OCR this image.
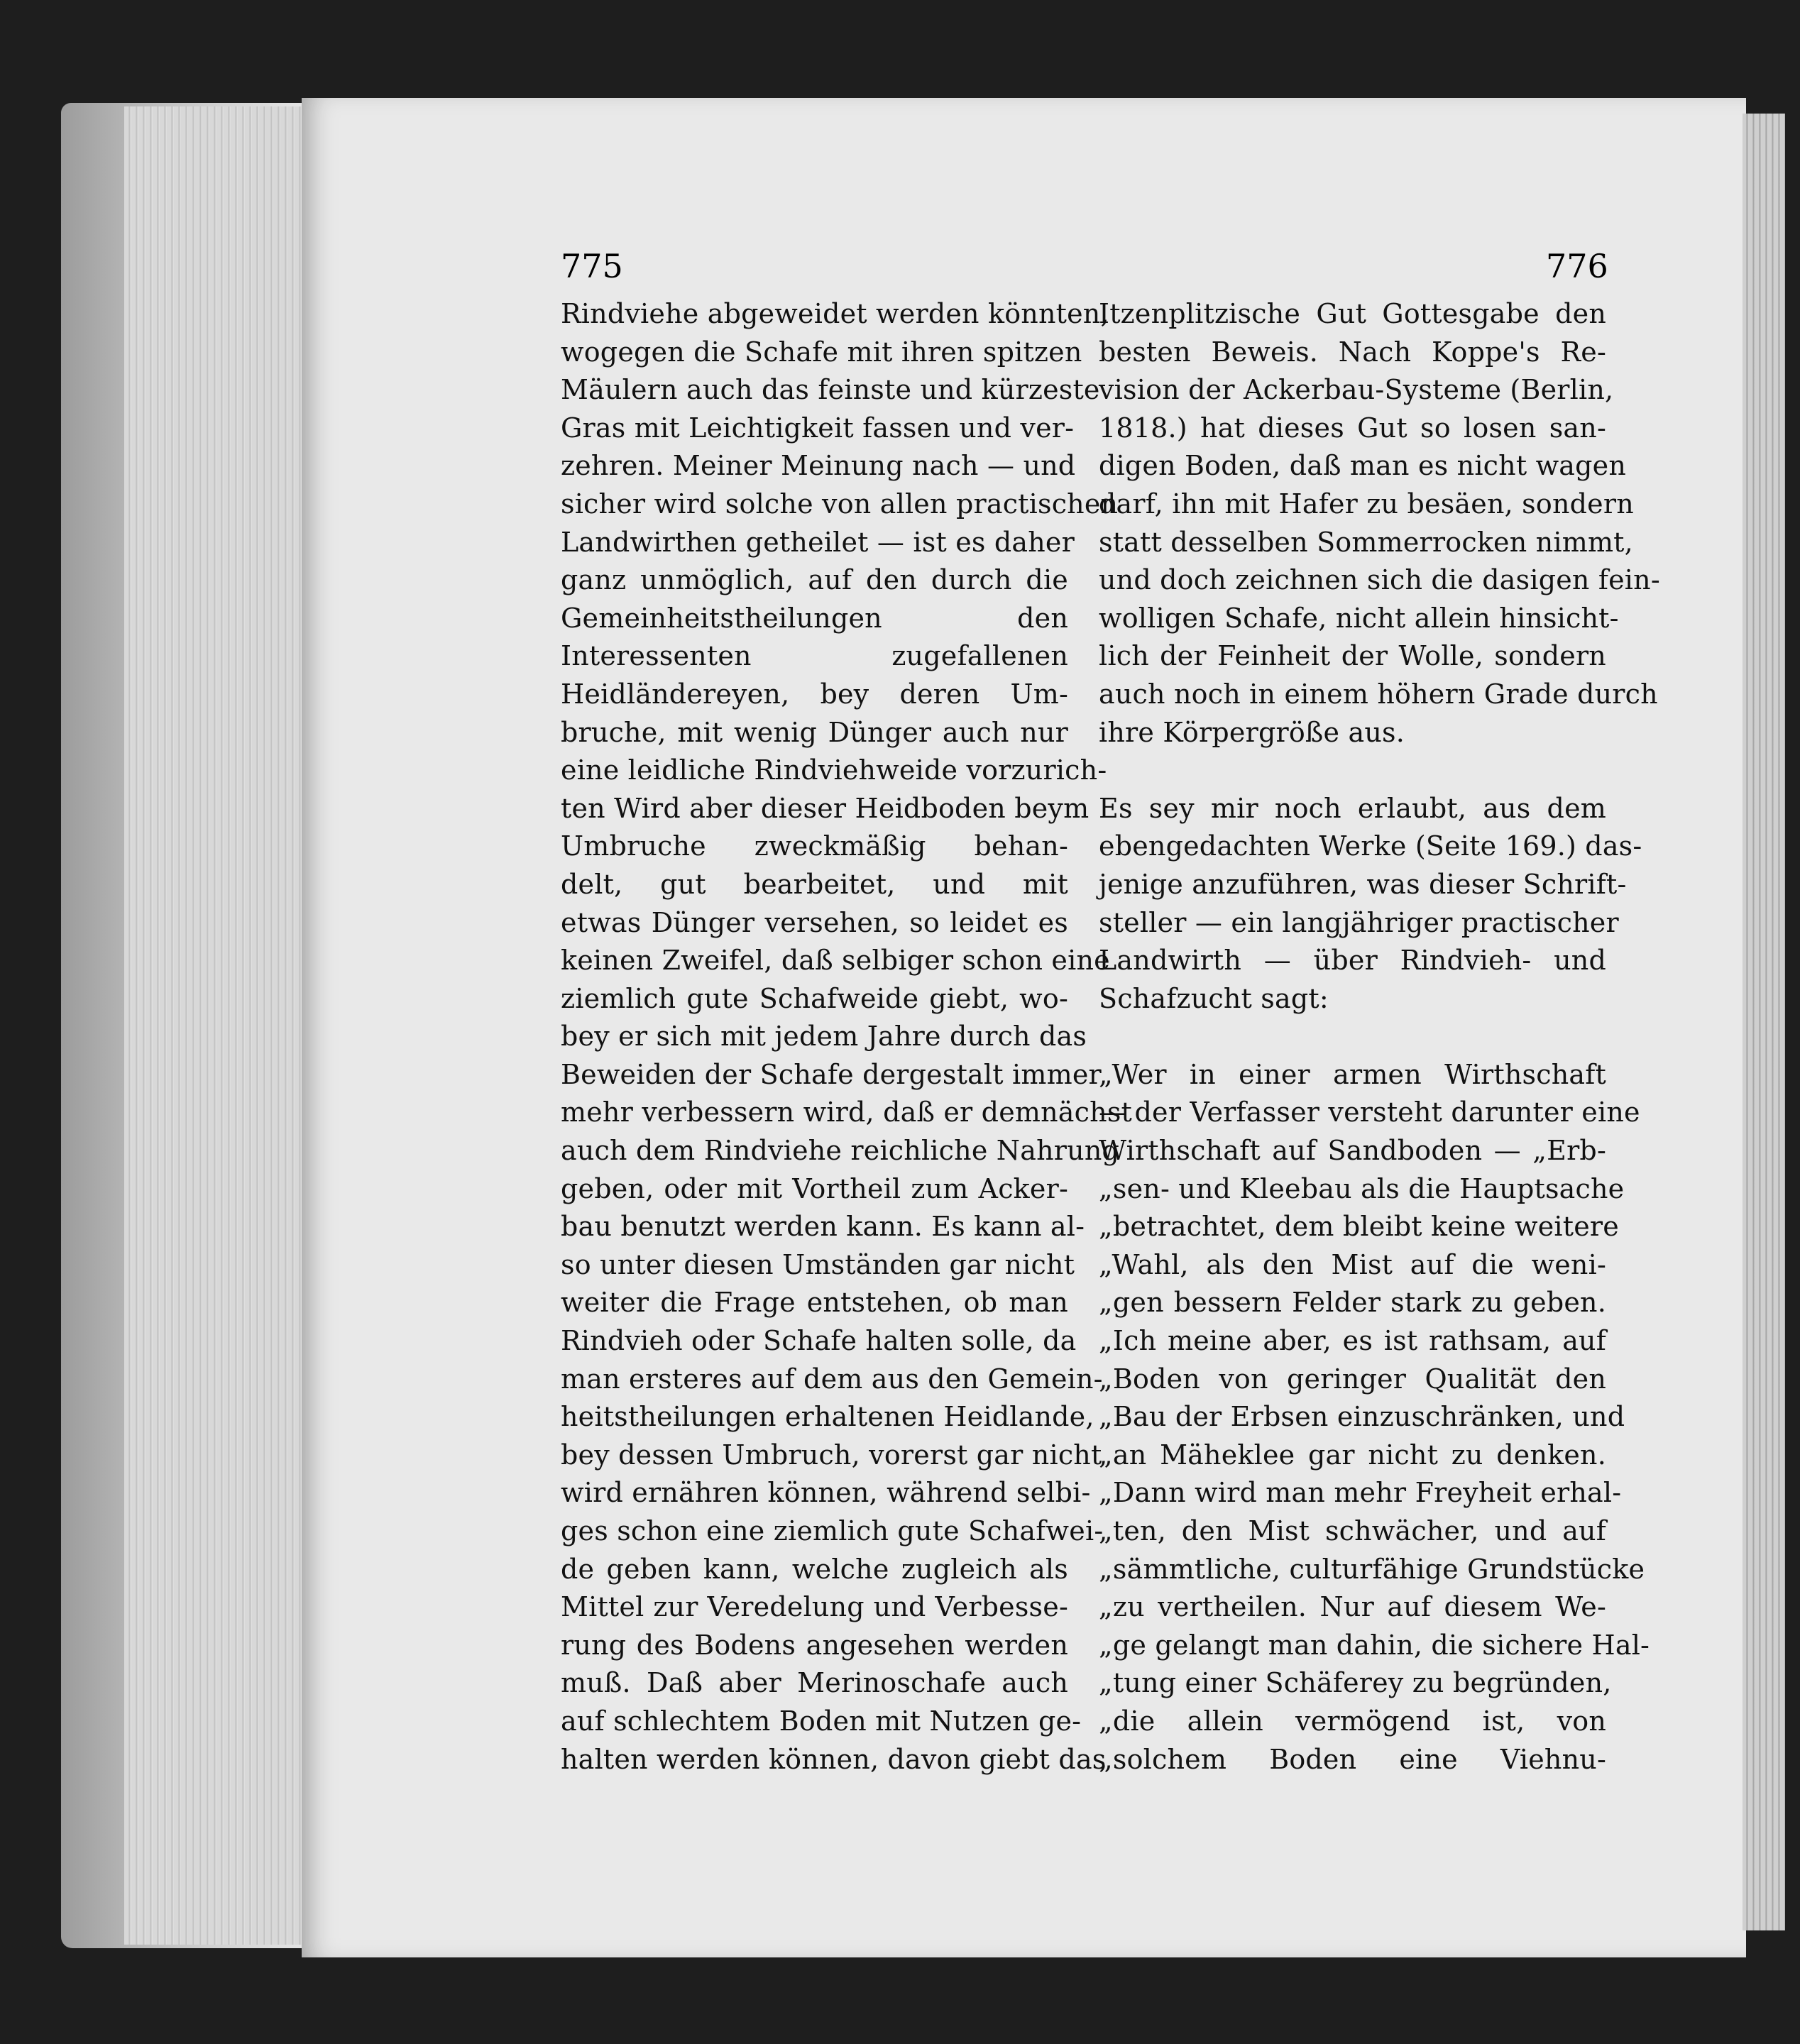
775	776
Rindviehe abgeweidet werden könnten,
wogegen die Schafe mit ihren spitzen
Mäulern auch das feinste und kürzeste
Gras mit Leichtigkeit fassen und ver-
zehren. Meiner Meinung nach — und
sicher wird solche von allen practischen
Landwirthen getheilet — ist es daher
ganz unmöglich, auf den durch die
Gemeinheitstheilungen den
Interessenten zugefallenen
Heidländereyen, bey deren Um-
bruche, mit wenig Dünger auch nur
eine leidliche Rindviehweide vorzurich-
ten Wird aber dieser Heidboden beym
Umbruche zweckmäßig behan-
delt, gut bearbeitet, und mit
etwas Dünger versehen, so leidet es
keinen Zweifel, daß selbiger schon eine
ziemlich gute Schafweide giebt, wo-
bey er sich mit jedem Jahre durch das
Beweiden der Schafe dergestalt immer
mehr verbessern wird, daß er demnächst
auch dem Rindviehe reichliche Nahrung
geben, oder mit Vortheil zum Acker-
bau benutzt werden kann. Es kann al-
so unter diesen Umständen gar nicht
weiter die Frage entstehen, ob man
Rindvieh oder Schafe halten solle, da
man ersteres auf dem aus den Gemein-
heitstheilungen erhaltenen Heidlande,
bey dessen Umbruch, vorerst gar nicht
wird ernähren können, während selbi-
ges schon eine ziemlich gute Schafwei-
de geben kann, welche zugleich als
Mittel zur Veredelung und Verbesse-
rung des Bodens angesehen werden
muß. Daß aber Merinoschafe auch
auf schlechtem Boden mit Nutzen ge-
halten werden können, davon giebt das
Itzenplitzische Gut Gottesgabe den
besten Beweis. Nach Koppe's Re-
vision der Ackerbau-Systeme (Berlin,
1818.) hat dieses Gut so losen san-
digen Boden, daß man es nicht wagen
darf, ihn mit Hafer zu besäen, sondern
statt desselben Sommerrocken nimmt,
und doch zeichnen sich die dasigen fein-
wolligen Schafe, nicht allein hinsicht-
lich der Feinheit der Wolle, sondern
auch noch in einem höhern Grade durch
ihre Körpergröße aus.
Es sey mir noch erlaubt, aus dem
ebengedachten Werke (Seite 169.) das-
jenige anzuführen, was dieser Schrift-
steller — ein langjähriger practischer
Landwirth — über Rindvieh- und
Schafzucht sagt:
„Wer in einer armen Wirthschaft
— der Verfasser versteht darunter eine
Wirthschaft auf Sandboden — „Erb-
„sen- und Kleebau als die Hauptsache
„betrachtet, dem bleibt keine weitere
„Wahl, als den Mist auf die weni-
„gen bessern Felder stark zu geben.
„Ich meine aber, es ist rathsam, auf
„Boden von geringer Qualität den
„Bau der Erbsen einzuschränken, und
„an Mäheklee gar nicht zu denken.
„Dann wird man mehr Freyheit erhal-
„ten, den Mist schwächer, und auf
„sämmtliche, culturfähige Grundstücke
„zu vertheilen. Nur auf diesem We-
„ge gelangt man dahin, die sichere Hal-
„tung einer Schäferey zu begründen,
„die allein vermögend ist, von
„solchem Boden eine Viehnu-
